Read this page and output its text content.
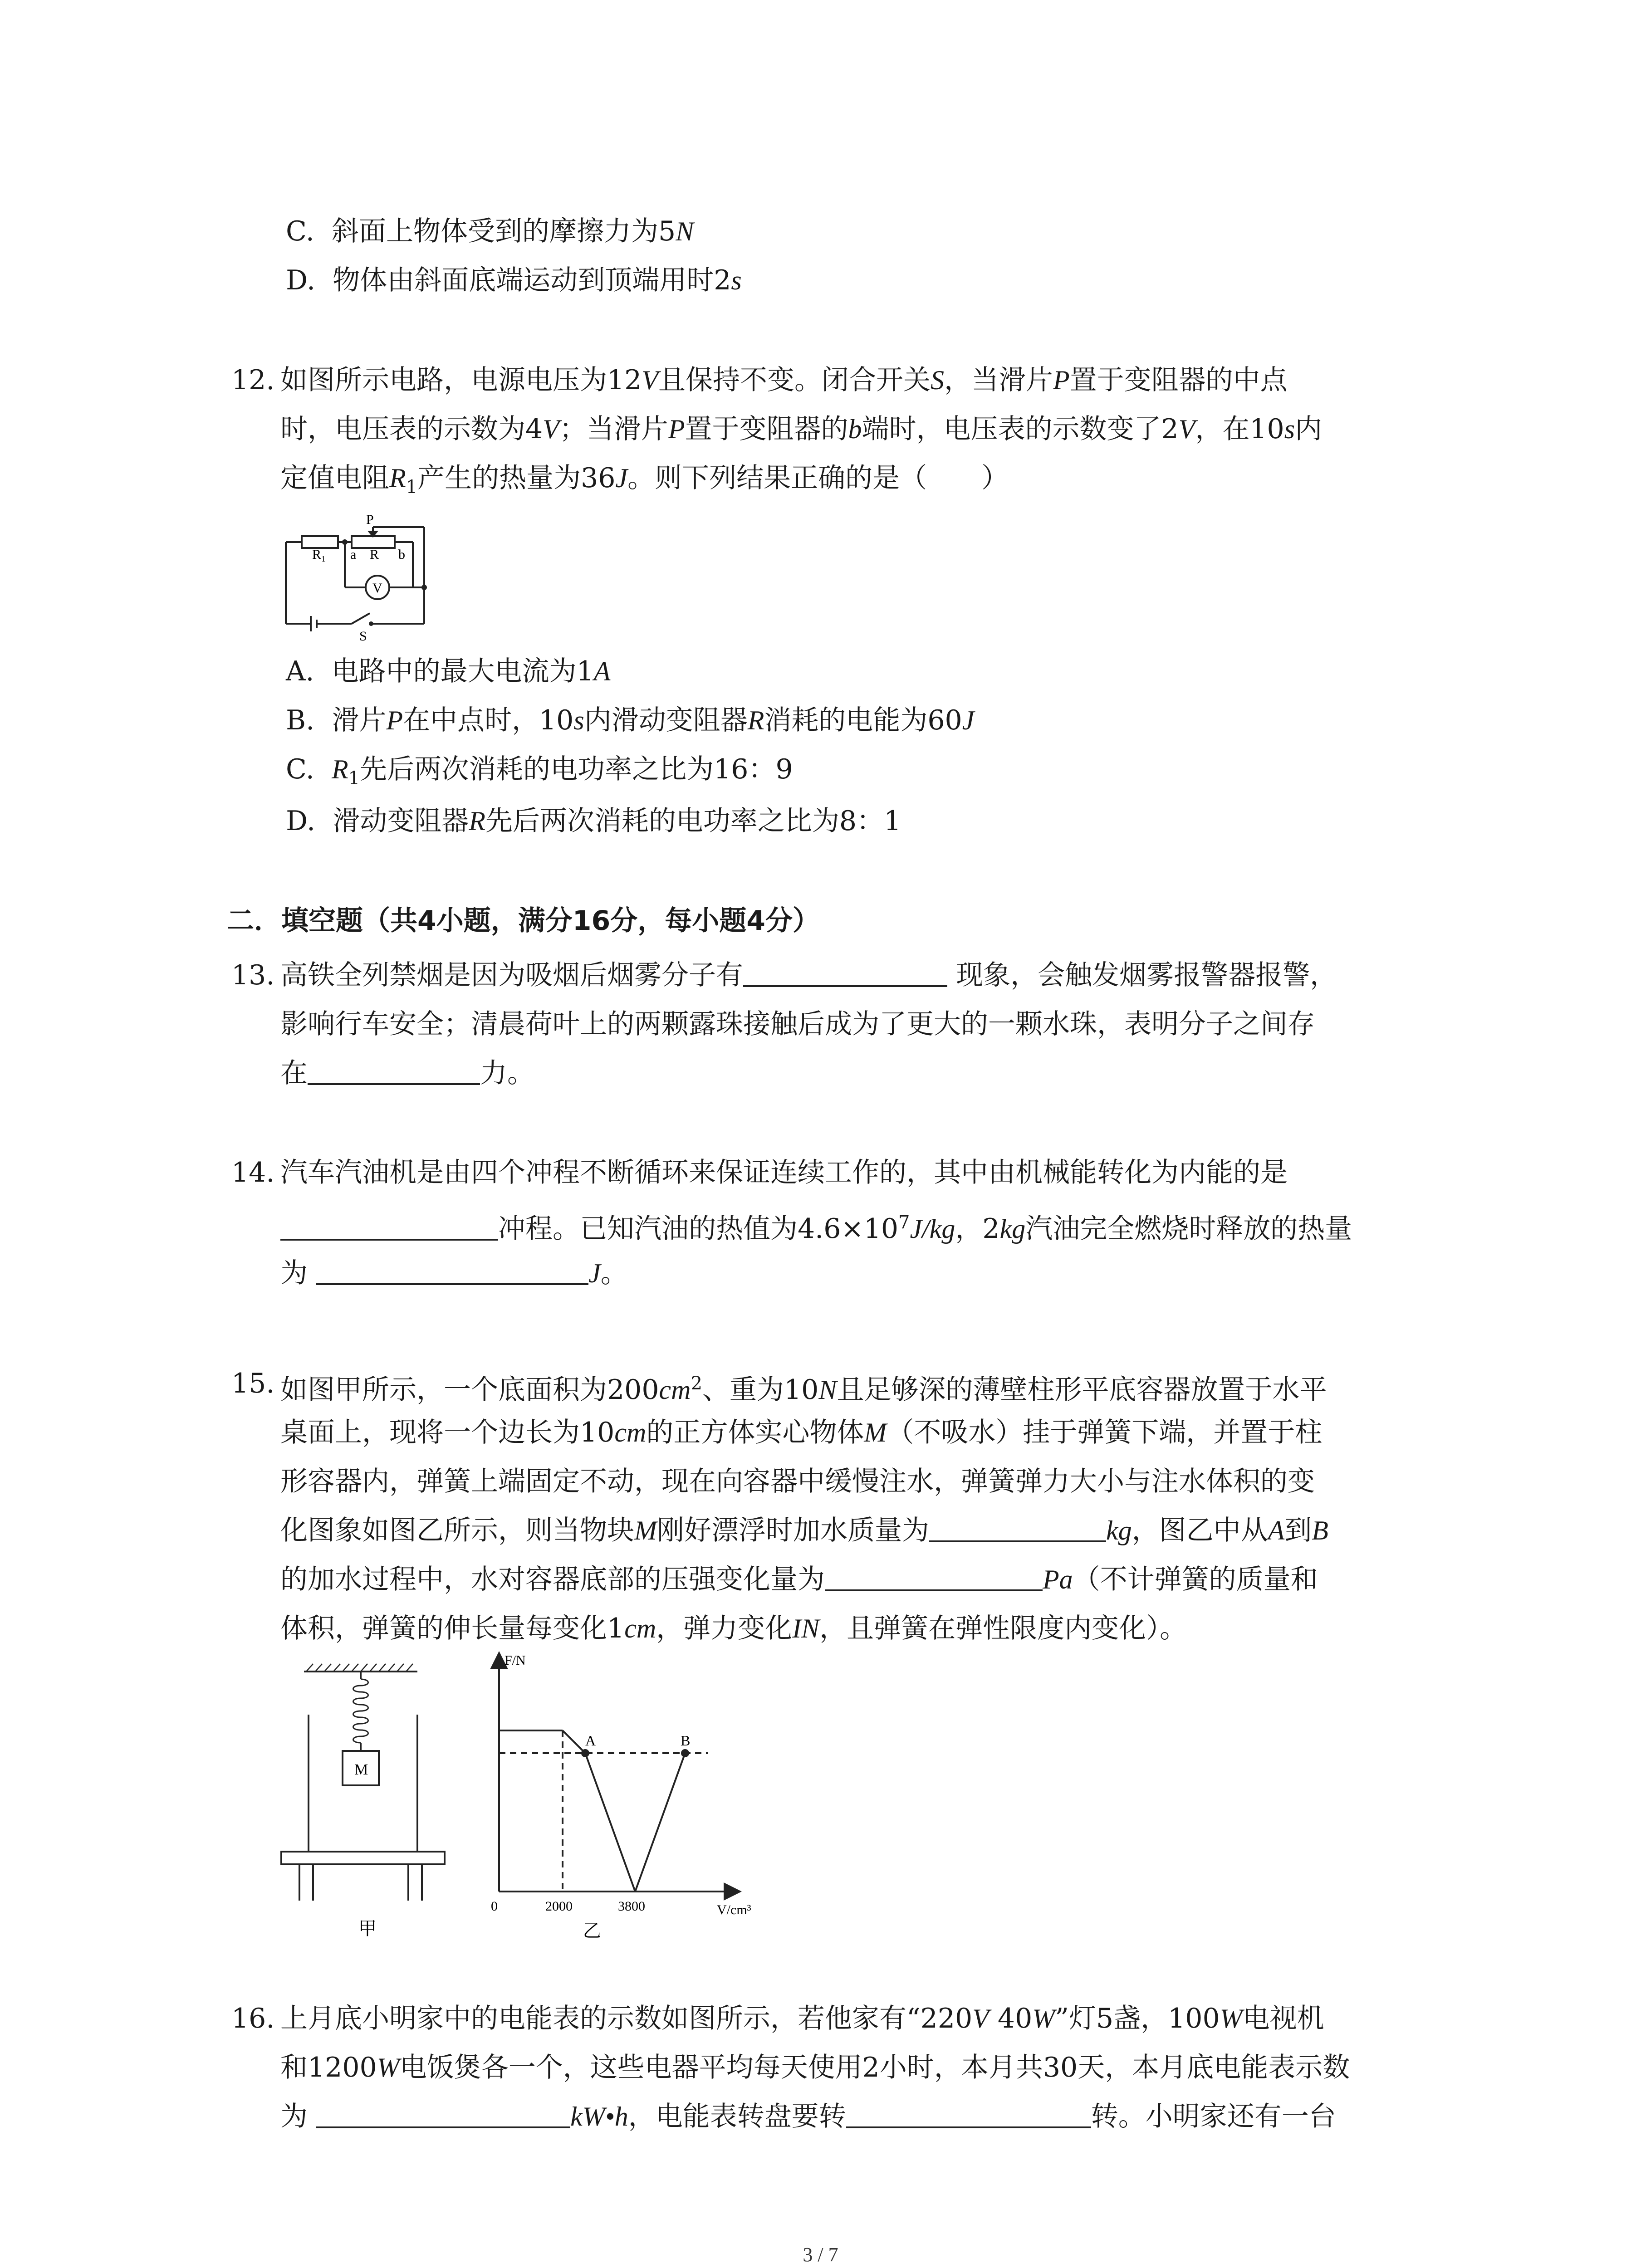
C. 斜面上物体受到的摩擦力为5N
D. 物体由斜面底端运动到顶端用时2s
12. 如图所示电路，电源电压为12V且保持不变。闭合开关S，当滑片P置于变阻器的中点
时，电压表的示数为4V；当滑片P置于变阻器的b端时，电压表的示数变了2V，在10s内
定值电阻$R_1$产生的热量为36J。则下列结果正确的是（　　）
R₁
P
a R b
V
S
A. 电路中的最大电流为1A
B. 滑片P在中点时，10s内滑动变阻器R消耗的电能为60J
C. $R_1$先后两次消耗的电功率之比为16：9
D. 滑动变阻器R先后两次消耗的电功率之比为8：1
二．填空题（共4小题，满分16分，每小题4分）
13. 高铁全列禁烟是因为吸烟后烟雾分子有	现象，会触发烟雾报警器报警，
影响行车安全；清晨荷叶上的两颗露珠接触后成为了更大的一颗水珠，表明分子之间存
在	力。
14. 汽车汽油机是由四个冲程不断循环来保证连续工作的，其中由机械能转化为内能的是
冲程。已知汽油的热值为$4.6\times 10^7J/kg$，2kg汽油完全燃烧时释放的热量
为	J。
15. 如图甲所示，一个底面积为$200cm^2$、重为10N且足够深的薄壁柱形平底容器放置于水平
桌面上，现将一个边长为10cm的正方体实心物体M（不吸水）挂于弹簧下端，并置于柱
形容器内，弹簧上端固定不动，现在向容器中缓慢注水，弹簧弹力大小与注水体积的变
化图象如图乙所示，则当物块M刚好漂浮时加水质量为	kg，图乙中从A到B
的加水过程中，水对容器底部的压强变化量为	Pa（不计弹簧的质量和
体积，弹簧的伸长量每变化1cm，弹力变化IN，且弹簧在弹性限度内变化）。
M
甲
F/N
V/cm³
0	2000	3800
A	B
乙
16. 上月底小明家中的电能表的示数如图所示，若他家有“220V 40W”灯5盏，100W电视机
和1200W电饭煲各一个，这些电器平均每天使用2小时，本月共30天，本月底电能表示数
为	kW•h，电能表转盘要转	转。小明家还有一台
3 / 7
